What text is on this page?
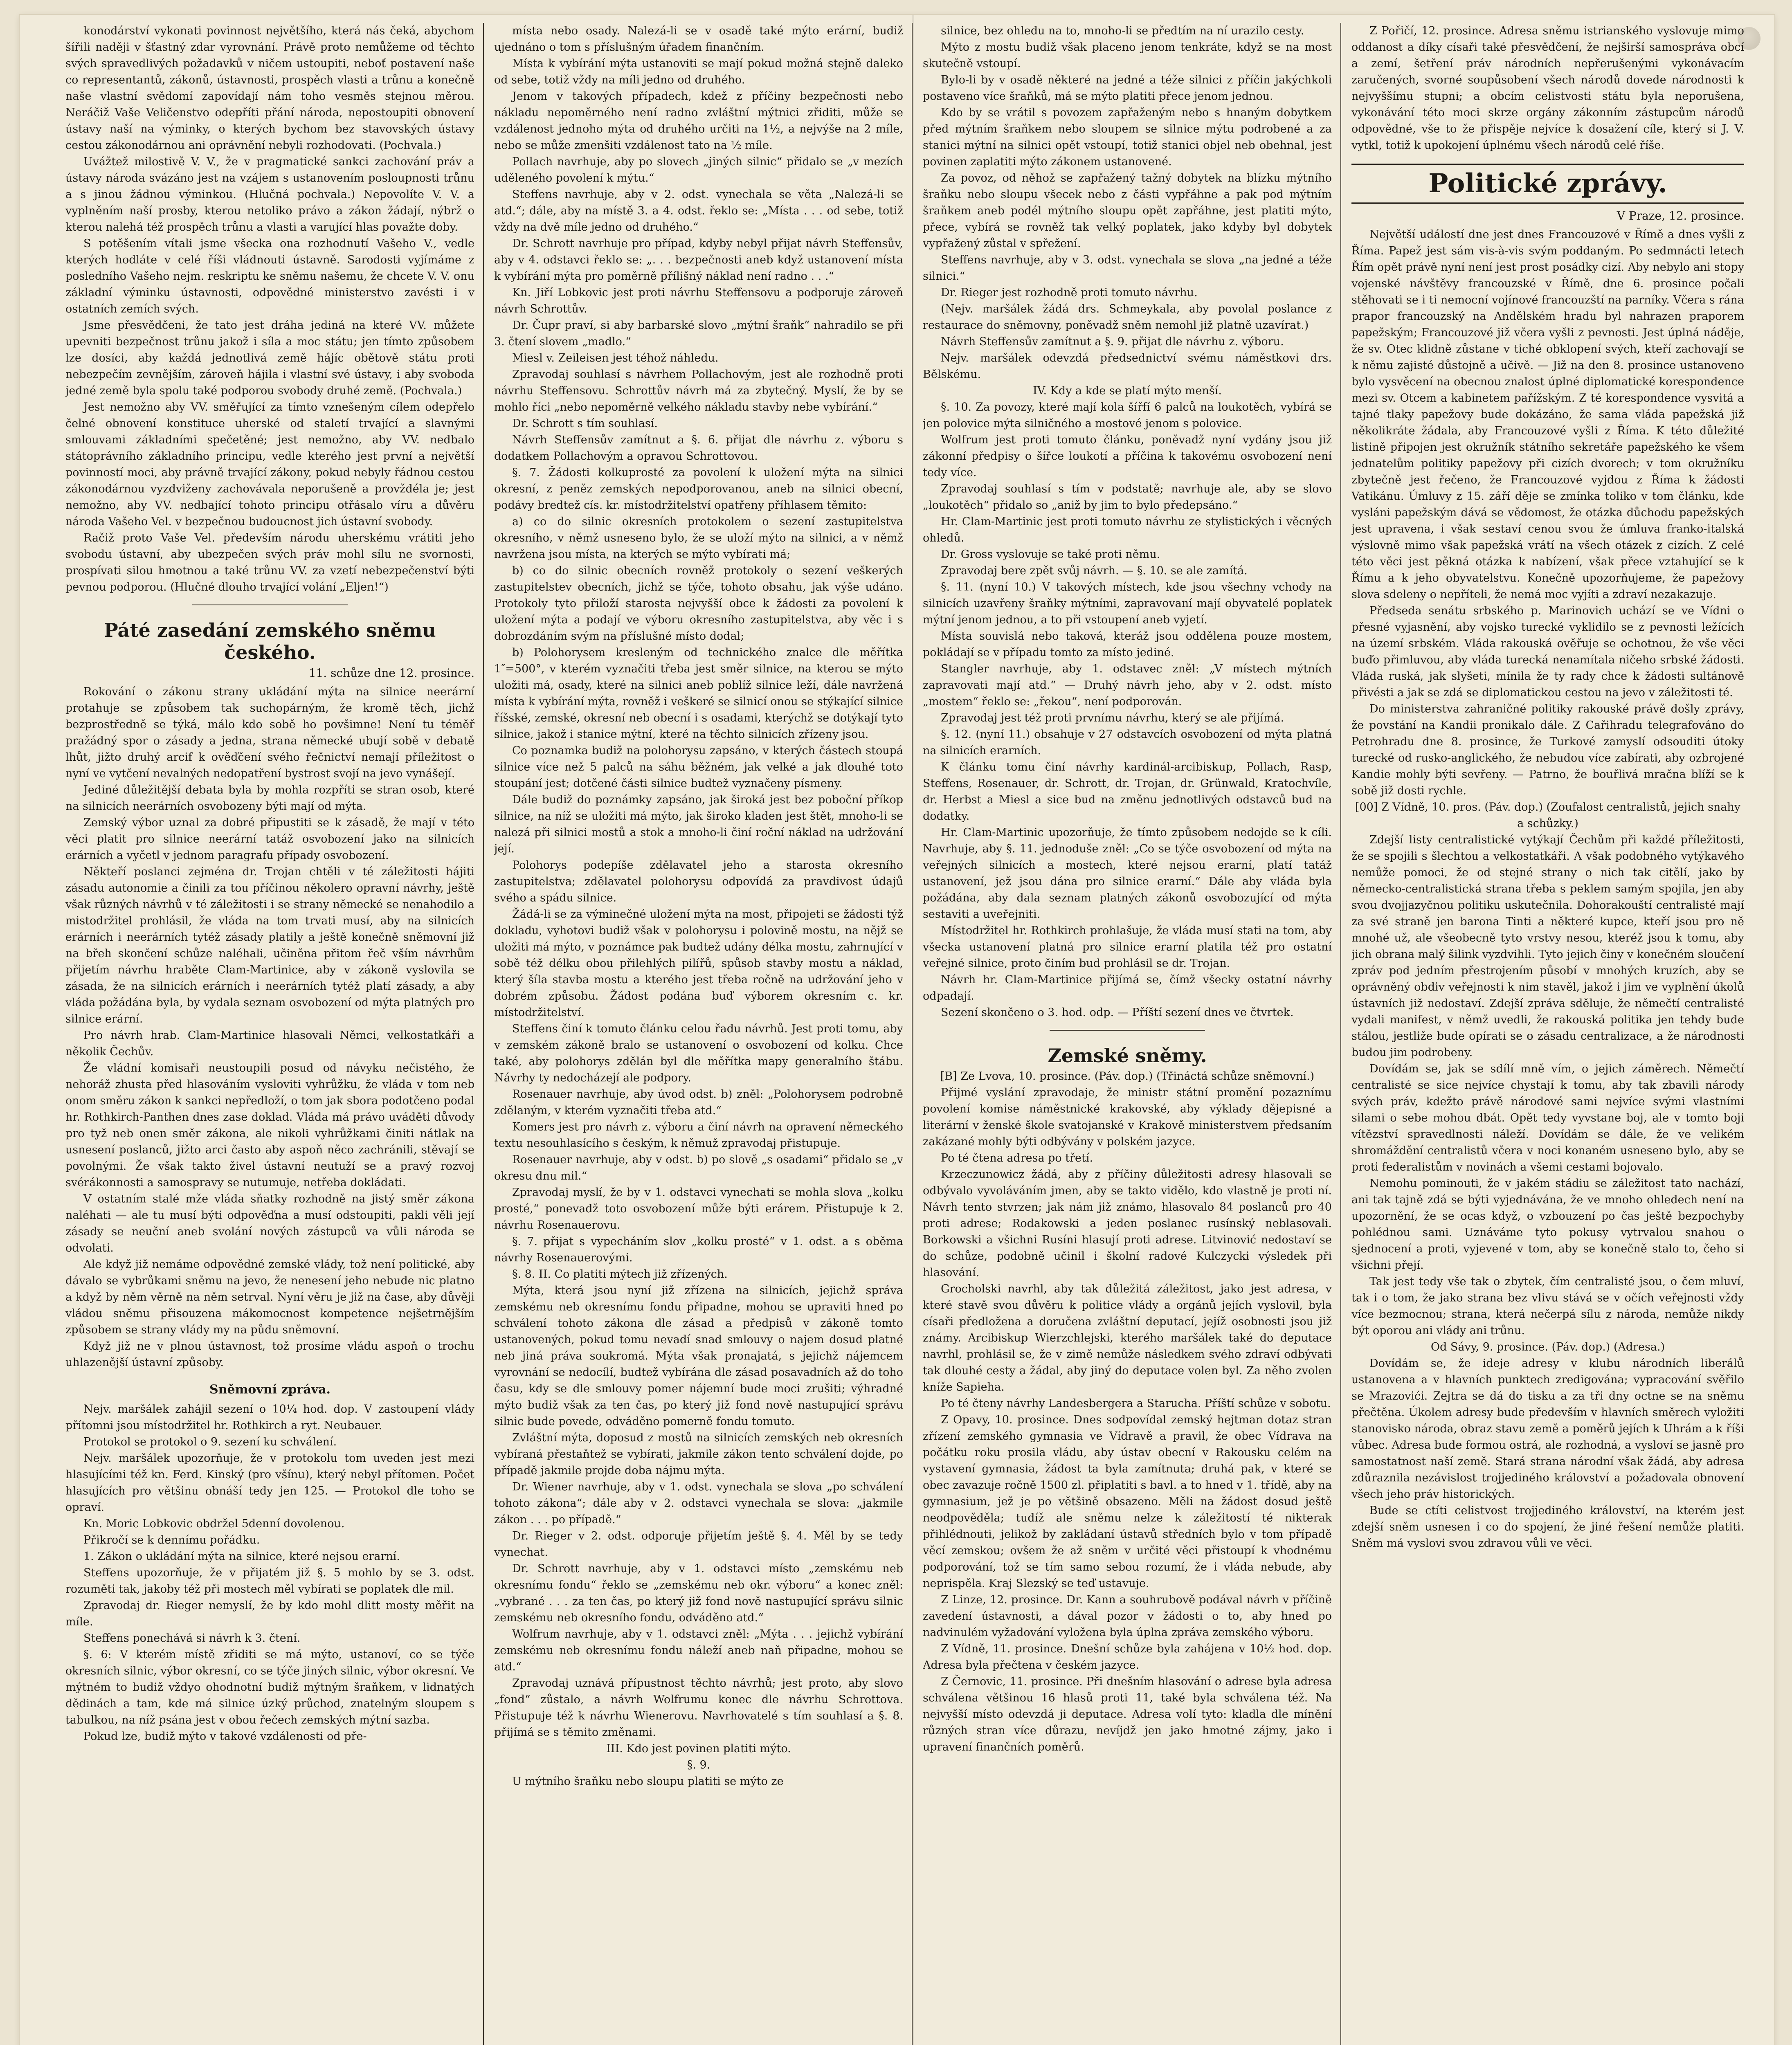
konodárství vykonati povinnost největšího, která nás čeká, abychom šířili naději v šťastný zdar vyrovnání. Právě proto nemůžeme od těchto svých spravedlivých požadavků v ničem ustoupiti, neboť postavení naše co representantů, zákonů, ústavnosti, prospěch vlasti a trůnu a konečně naše vlastní svědomí zapovídají nám toho vesměs stejnou měrou. Neráčiž Vaše Veličenstvo odepříti přání národa, nepostoupiti obnovení ústavy naší na výminky, o kterých bychom bez stavovských ústavy cestou zákonodárnou ani oprávnění nebyli rozhodovati. (Pochvala.)

Uvážtež milostivě V. V., že v pragmatické sankci zachování práv a ústavy národa svázáno jest na vzájem s ustanovením posloupnosti trůnu a s jinou žádnou výminkou. (Hlučná pochvala.) Nepovolíte V. V. a vyplněním naší prosby, kterou netoliko právo a zákon žádají, nýbrž o kterou nalehá též prospěch trůnu a vlasti a varující hlas považte doby.

S potěšením vítali jsme všecka ona rozhodnutí Vašeho V., vedle kterých hodláte v celé říši vládnouti ústavně. Sarodosti vyjímáme z posledního Vašeho nejm. reskriptu ke sněmu našemu, že chcete V. V. onu základní výminku ústavnosti, odpovědné ministerstvo zavésti i v ostatních zemích svých.

Jsme přesvědčeni, že tato jest dráha jediná na které VV. můžete upevniti bezpečnost trůnu jakož i síla a moc státu; jen tímto způsobem lze dosíci, aby každá jednotlivá země hájíc obětově státu proti nebezpečím zevnějším, zároveň hájila i vlastní své ústavy, i aby svoboda jedné země byla spolu také podporou svobody druhé země. (Pochvala.)

Jest nemožno aby VV. směřující za tímto vznešeným cílem odepřelo čelné obnovení konstituce uherské od staletí trvající a slavnými smlouvami základními spečetěné; jest nemožno, aby VV. nedbalo státoprávního základního principu, vedle kterého jest první a největší povinností moci, aby právně trvající zákony, pokud nebyly řádnou cestou zákonodárnou vyzdviženy zachovávala neporušeně a provždéla je; jest nemožno, aby VV. nedbající tohoto principu otřásalo víru a důvěru národa Vašeho Vel. v bezpečnou budoucnost jich ústavní svobody.

Račiž proto Vaše Vel. především národu uherskému vrátiti jeho svobodu ústavní, aby ubezpečen svých práv mohl sílu ne svornosti, prospívati silou hmotnou a také trůnu VV. za vzetí nebezpečenství býti pevnou podporou. (Hlučné dlouho trvající volání „Eljen!“)

Páté zasedání zemského sněmu českého.
11. schůze dne 12. prosince.

Rokování o zákonu strany ukládání mýta na silnice neerární protahuje se způsobem tak suchopárným, že kromě těch, jichž bezprostředně se týká, málo kdo sobě ho povšimne! Není tu téměř pražádný spor o zásady a jedna, strana německé ubují sobě v debatě lhůt, jižto druhý arcif k ověďčení svého řečnictví nemají příležitost o nyní ve vytčení nevalných nedopatření bystrost svojí na jevo vynášejí.

Jediné důležitější debata byla by mohla rozpříti se stran osob, které na silnicích neerárních osvobozeny býti mají od mýta.

Zemský výbor uznal za dobré připustiti se k zásadě, že mají v této věci platit pro silnice neerární tatáž osvobození jako na silnicích erárních a vyčetl v jednom paragrafu případy osvobození.

Někteří poslanci zejména dr. Trojan chtěli v té záležitosti hájiti zásadu autonomie a činili za tou příčinou několero opravní návrhy, ještě však různých návrhů v té záležitosti i se strany německé se nenahodilo a mistodržitel prohlásil, že vláda na tom trvati musí, aby na silnicích erárních i neerárních tytéž zásady platily a ještě konečně sněmovní již na břeh skončení schůze naléhali, učiněna přitom řeč vším návrhům přijetím návrhu hraběte Clam-Martinice, aby v zákoně vyslovila se zásada, že na silnicích erárních i neerárních tytéž platí zásady, a aby vláda požádána byla, by vydala seznam osvobození od mýta platných pro silnice erární.

Pro návrh hrab. Clam-Martinice hlasovali Němci, velkostatkáři a několik Čechův.

Že vládní komisaři neustoupili posud od návyku nečistého, že nehoráž zhusta před hlasováním vysloviti vyhrůžku, že vláda v tom neb onom směru zákon k sankci nepředloží, o tom jak sbora podotčeno podal hr. Rothkirch-Panthen dnes zase doklad. Vláda má právo uváděti důvody pro tyž neb onen směr zákona, ale nikoli vyhrůžkami činiti nátlak na usnesení poslanců, jižto arci často aby aspoň něco zachránili, stěvají se povolnými. Že však takto živel ústavní neutuží se a pravý rozvoj svérákonnosti a samospravy se nutumuje, netřeba dokládati.

V ostatním stalé mže vláda sňatky rozhodně na jistý směr zákona naléhati — ale tu musí býti odpověďna a musí odstoupiti, pakli věli její zásady se neuční aneb svolání nových zástupců va vůli národa se odvolati.

Ale když již nemáme odpovědné zemské vlády, tož není politické, aby dávalo se vybrůkami sněmu na jevo, že nenesení jeho nebude nic platno a když by něm věrně na něm setrval. Nyní věru je již na čase, aby důvěji vládou sněmu přisouzena mákomocnost kompetence nejšetrnějším způsobem se strany vlády my na půdu sněmovní.

Když již ne v plnou ústavnost, tož prosíme vládu aspoň o trochu uhlazenější ústavní způsoby.

Sněmovní zpráva.

Nejv. maršálek zahájil sezení o 10¼ hod. dop. V zastoupení vlády přítomni jsou místodržitel hr. Rothkirch a ryt. Neubauer.

Protokol se protokol o 9. sezení ku schválení.

Nejv. maršálek upozorňuje, že v protokolu tom uveden jest mezi hlasujícími též kn. Ferd. Kinský (pro všínu), který nebyl přítomen. Počet hlasujících pro většinu obnáší tedy jen 125. — Protokol dle toho se opraví.

Kn. Moric Lobkovic obdržel 5denní dovolenou.

Přikročí se k dennímu pořádku.

1. Zákon o ukládání mýta na silnice, které nejsou erarní.

Steffens upozorňuje, že v přijatém již §. 5 mohlo by se 3. odst. rozuměti tak, jakoby též při mostech měl vybírati se poplatek dle mil.

Zpravodaj dr. Rieger nemyslí, že by kdo mohl dlitt mosty měřit na míle.

Steffens ponechává si návrh k 3. čtení.

§. 6: V kterém místě zřiditi se má mýto, ustanoví, co se týče okresních silnic, výbor okresní, co se týče jiných silnic, výbor okresní. Ve mýtném to budiž vždyo ohodnotní budiž mýtným šraňkem, v lidnatých dědinách a tam, kde má silnice úzký průchod, znatelným sloupem s tabulkou, na níž psána jest v obou řečech zemských mýtní sazba.

Pokud lze, budiž mýto v takové vzdálenosti od pře-

místa nebo osady. Nalezá-li se v osadě také mýto erární, budiž ujednáno o tom s příslušným úřadem finančním.

Místa k vybírání mýta ustanoviti se mají pokud možná stejně daleko od sebe, totiž vždy na míli jedno od druhého.

Jenom v takových případech, kdež z příčiny bezpečnosti nebo nákladu nepoměrného není radno zvláštní mýtnici zřiditi, může se vzdálenost jednoho mýta od druhého určiti na 1½, a nejvýše na 2 míle, nebo se může zmenšiti vzdálenost tato na ½ míle.

Pollach navrhuje, aby po slovech „jiných silnic“ přidalo se „v mezích uděleného povolení k mýtu.“

Steffens navrhuje, aby v 2. odst. vynechala se věta „Nalezá-li se atd.“; dále, aby na místě 3. a 4. odst. řeklo se: „Místa . . . od sebe, totiž vždy na dvě míle jedno od druhého.“

Dr. Schrott navrhuje pro případ, kdyby nebyl přijat návrh Steffensův, aby v 4. odstavci řeklo se: „. . . bezpečnosti aneb když ustanovení místa k vybírání mýta pro poměrně přílišný náklad není radno . . .“

Kn. Jiří Lobkovic jest proti návrhu Steffensovu a podporuje zároveň návrh Schrottův.

Dr. Čupr praví, si aby barbarské slovo „mýtní šraňk“ nahradilo se při 3. čtení slovem „madlo.“

Miesl v. Zeileisen jest téhož náhledu.

Zpravodaj souhlasí s návrhem Pollachovým, jest ale rozhodně proti návrhu Steffensovu. Schrottův návrh má za zbytečný. Myslí, že by se mohlo říci „nebo nepoměrně velkého nákladu stavby nebe vybírání.“

Dr. Schrott s tím souhlasí.

Návrh Steffensův zamítnut a §. 6. přijat dle návrhu z. výboru s dodatkem Pollachovým a opravou Schrottovou.

§. 7. Žádosti kolkuprosté za povolení k uložení mýta na silnici okresní, z peněz zemských nepodporovanou, aneb na silnici obecní, podávy bredtež cís. kr. místodržitelství opatřeny příhlasem těmito:

a) co do silnic okresních protokolem o sezení zastupitelstva okresního, v němž usneseno bylo, že se uloží mýto na silnici, a v němž navržena jsou místa, na kterých se mýto vybírati má;

b) co do silnic obecních rovněž protokoly o sezení veškerých zastupitelstev obecních, jichž se týče, tohoto obsahu, jak výše udáno. Protokoly tyto přiloží starosta nejvyšší obce k žádosti za povolení k uložení mýta a podají ve výboru okresního zastupitelstva, aby věc i s dobrozdáním svým na příslušné místo dodal;

b) Polohorysem kresleným od technického znalce dle měřítka 1″=500°, v kterém vyznačiti třeba jest směr silnice, na kterou se mýto uložiti má, osady, které na silnici aneb poblíž silnice leží, dále navržená místa k vybírání mýta, rovněž i veškeré se silnicí onou se stýkající silnice říšské, zemské, okresní neb obecní i s osadami, kterýchž se dotýkají tyto silnice, jakož i stanice mýtní, které na těchto silnicích zřízeny jsou.

Co poznamka budiž na polohorysu zapsáno, v kterých částech stoupá silnice více než 5 palců na sáhu běžném, jak velké a jak dlouhé toto stoupání jest; dotčené části silnice budtež vyznačeny písmeny.

Dále budiž do poznámky zapsáno, jak široká jest bez poboční příkop silnice, na níž se uložiti má mýto, jak široko kladen jest štět, mnoho-li se nalezá při silnici mostů a stok a mnoho-li činí roční náklad na udržování její.

Polohorys podepíše zdělavatel jeho a starosta okresního zastupitelstva; zdělavatel polohorysu odpovídá za pravdivost údajů svého a spádu silnice.

Žádá-li se za výminečné uložení mýta na most, připojeti se žádosti týž dokladu, vyhotovi budiž však v polohorysu i polovině mostu, na nějž se uložiti má mýto, v poznámce pak budtež udány délka mostu, zahrnující v sobě též délku obou přilehlých pilířů, spůsob stavby mostu a náklad, který šíla stavba mostu a kterého jest třeba ročně na udržování jeho v dobrém způsobu. Žádost podána buď výborem okresním c. kr. místodržitelství.

Steffens činí k tomuto článku celou řadu návrhů. Jest proti tomu, aby v zemském zákoně bralo se ustanovení o osvobození od kolku. Chce také, aby polohorys zdělán byl dle měřítka mapy generalního štábu. Návrhy ty nedocházejí ale podpory.

Rosenauer navrhuje, aby úvod odst. b) zněl: „Polohorysem podrobně zdělaným, v kterém vyznačiti třeba atd.“

Komers jest pro návrh z. výboru a činí návrh na opravení německého textu nesouhlasícího s českým, k němuž zpravodaj přistupuje.

Rosenauer navrhuje, aby v odst. b) po slově „s osadami“ přidalo se „v okresu dnu mil.“

Zpravodaj myslí, že by v 1. odstavci vynechati se mohla slova „kolku prosté,“ ponevadž toto osvobození může býti erárem. Přistupuje k 2. návrhu Rosenauerovu.

§. 7. přijat s vypecháním slov „kolku prosté“ v 1. odst. a s oběma návrhy Rosenauerovými.

§. 8. II. Co platiti mýtech již zřízených.

Mýta, která jsou nyní již zřízena na silnicích, jejichž správa zemskému neb okresnímu fondu připadne, mohou se upraviti hned po schválení tohoto zákona dle zásad a předpisů v zákoně tomto ustanovených, pokud tomu nevadí snad smlouvy o najem dosud platné neb jiná práva soukromá. Mýta však pronajatá, s jejichž nájemcem vyrovnání se nedocílí, budtež vybírána dle zásad posavadních až do toho času, kdy se dle smlouvy pomer nájemní bude moci zrušiti; výhradné mýto budiž však za ten čas, po který již fond nově nastupující správu silnic bude povede, odváděno pomerně fondu tomuto.

Zvláštní mýta, doposud z mostů na silnicích zemských neb okresních vybíraná přestaňtež se vybírati, jakmile zákon tento schválení dojde, po případě jakmile projde doba nájmu mýta.

Dr. Wiener navrhuje, aby v 1. odst. vynechala se slova „po schválení tohoto zákona“; dále aby v 2. odstavci vynechala se slova: „jakmile zákon . . . po případě.“

Dr. Rieger v 2. odst. odporuje přijetím ještě §. 4. Měl by se tedy vynechat.

Dr. Schrott navrhuje, aby v 1. odstavci místo „zemskému neb okresnímu fondu“ řeklo se „zemskému neb okr. výboru“ a konec zněl: „vybrané . . . za ten čas, po který již fond nově nastupující správu silnic zemskému neb okresního fondu, odváděno atd.“

Wolfrum navrhuje, aby v 1. odstavci zněl: „Mýta . . . jejichž vybírání zemskému neb okresnímu fondu náleží aneb naň připadne, mohou se atd.“

Zpravodaj uznává přípustnost těchto návrhů; jest proto, aby slovo „fond“ zůstalo, a návrh Wolfrumu konec dle návrhu Schrottova. Přistupuje též k návrhu Wienerovu. Navrhovatelé s tím souhlasí a §. 8. přijímá se s těmito změnami.

III. Kdo jest povinen platiti mýto.

§. 9.

U mýtního šraňku nebo sloupu platiti se mýto ze

silnice, bez ohledu na to, mnoho-li se předtím na ní urazilo cesty.

Mýto z mostu budiž však placeno jenom tenkráte, když se na most skutečně vstoupí.

Bylo-li by v osadě některé na jedné a téže silnici z příčin jakýchkoli postaveno více šraňků, má se mýto platiti přece jenom jednou.

Kdo by se vrátil s povozem zapřaženým nebo s hnaným dobytkem před mýtním šraňkem nebo sloupem se silnice mýtu podrobené a za stanici mýtní na silnici opět vstoupí, totiž stanici objel neb obehnal, jest povinen zaplatiti mýto zákonem ustanovené.

Za povoz, od něhož se zapřažený tažný dobytek na blízku mýtního šraňku nebo sloupu všecek nebo z části vypřáhne a pak pod mýtním šraňkem aneb podél mýtního sloupu opět zapřáhne, jest platiti mýto, přece, vybírá se rovněž tak velký poplatek, jako kdyby byl dobytek vypřažený zůstal v spřežení.

Steffens navrhuje, aby v 3. odst. vynechala se slova „na jedné a téže silnici.“

Dr. Rieger jest rozhodně proti tomuto návrhu.

(Nejv. maršálek žádá drs. Schmeykala, aby povolal poslance z restaurace do sněmovny, poněvadž sněm nemohl již platně uzavírat.)

Návrh Steffensův zamítnut a §. 9. přijat dle návrhu z. výboru.

Nejv. maršálek odevzdá předsednictví svému náměstkovi drs. Bělskému.

IV. Kdy a kde se platí mýto menší.

§. 10. Za povozy, které mají kola šířfí 6 palců na loukotěch, vybírá se jen polovice mýta silničného a mostové jenom s polovice.

Wolfrum jest proti tomuto článku, poněvadž nyní vydány jsou již zákonní předpisy o šířce loukotí a příčina k takovému osvobození není tedy více.

Zpravodaj souhlasí s tím v podstatě; navrhuje ale, aby se slovo „loukotěch“ přidalo so „aniž by jim to bylo předepsáno.“

Hr. Clam-Martinic jest proti tomuto návrhu ze stylistických i věcných ohledů.

Dr. Gross vyslovuje se také proti němu.

Zpravodaj bere zpět svůj návrh. — §. 10. se ale zamítá.

§. 11. (nyní 10.) V takových místech, kde jsou všechny vchody na silnicích uzavřeny šraňky mýtními, zapravovaní mají obyvatelé poplatek mýtní jenom jednou, a to při vstoupení aneb vyjetí.

Místa souvislá nebo taková, kteráž jsou oddělena pouze mostem, pokládají se v případu tomto za místo jediné.

Stangler navrhuje, aby 1. odstavec zněl: „V místech mýtních zapravovati mají atd.“ — Druhý návrh jeho, aby v 2. odst. místo „mostem“ řeklo se: „řekou“, není podporován.

Zpravodaj jest též proti prvnímu návrhu, který se ale přijímá.

§. 12. (nyní 11.) obsahuje v 27 odstavcích osvobození od mýta platná na silnicích erarních.

K článku tomu činí návrhy kardinál-arcibiskup, Pollach, Rasp, Steffens, Rosenauer, dr. Schrott, dr. Trojan, dr. Grünwald, Kratochvíle, dr. Herbst a Miesl a sice bud na změnu jednotlivých odstavců bud na dodatky.

Hr. Clam-Martinic upozorňuje, že tímto způsobem nedojde se k cíli. Navrhuje, aby §. 11. jednoduše zněl: „Co se týče osvobození od mýta na veřejných silnicích a mostech, které nejsou erarní, platí tatáž ustanovení, jež jsou dána pro silnice erarní.“ Dále aby vláda byla požádána, aby dala seznam platných zákonů osvobozující od mýta sestaviti a uveřejniti.

Místodržitel hr. Rothkirch prohlašuje, že vláda musí stati na tom, aby všecka ustanovení platná pro silnice erarní platila též pro ostatní veřejné silnice, proto činím bud prohlásil se dr. Trojan.

Návrh hr. Clam-Martinice přijímá se, čímž všecky ostatní návrhy odpadají.

Sezení skončeno o 3. hod. odp. — Příští sezení dnes ve čtvrtek.

Zemské sněmy.

[B] Ze Lvova, 10. prosince. (Páv. dop.) (Třináctá schůze sněmovní.)

Přijmé vyslání zpravodaje, že ministr státní promění pozaznímu povolení komise náměstnické krakovské, aby výklady dějepisné a literární v ženské škole svatojanské v Krakově ministerstvem předsaním zakázané mohly býti odbývány v polském jazyce.

Po té čtena adresa po třetí.

Krzeczunowicz žádá, aby z příčiny důležitosti adresy hlasovali se odbývalo vyvoláváním jmen, aby se takto vidělo, kdo vlastně je proti ní. Návrh tento stvrzen; jak nám již známo, hlasovalo 84 poslanců pro 40 proti adrese; Rodakowski a jeden poslanec rusínský neblasovali. Borkowski a všichni Rusíni hlasují proti adrese. Litvinović nedostaví se do schůze, podobně učinil i školní radové Kulczycki výsledek při hlasování.

Grocholski navrhl, aby tak důležitá záležitost, jako jest adresa, v které stavě svou důvěru k politice vlády a orgánů jejích vyslovil, byla císaři předložena a doručena zvláštní deputací, jejíž osobnosti jsou již známy. Arcibiskup Wierzchlejski, kterého maršálek také do deputace navrhl, prohlásil se, že v zimě nemůže následkem svého zdraví odbývati tak dlouhé cesty a žádal, aby jiný do deputace volen byl. Za něho zvolen kníže Sapieha.

Po té čteny návrhy Landesbergera a Starucha. Příští schůze v sobotu.

Z Opavy, 10. prosince. Dnes sodpovídal zemský hejtman dotaz stran zřízení zemského gymnasia ve Vídravě a pravil, že obec Vídrava na počátku roku prosila vládu, aby ústav obecní v Rakousku celém na vystavení gymnasia, žádost ta byla zamítnuta; druhá pak, v které se obec zavazuje ročně 1500 zl. připlatiti s bavl. a to hned v 1. třídě, aby na gymnasium, jež je po většině obsazeno. Měli na žádost dosud ještě neodpověděla; tudíž ale sněmu nelze k záležitostí té nikterak přihlédnouti, jelikož by zakládaní ústavů středních bylo v tom případě věcí zemskou; ovšem že až sněm v určité věci přistoupí k vhodnému podporování, tož se tím samo sebou rozumí, že i vláda nebude, aby neprispěla. Kraj Slezský se teď ustavuje.

Z Linze, 12. prosince. Dr. Kann a souhrubově podával návrh v příčině zavedení ústavnosti, a dával pozor v žádosti o to, aby hned po nadvinulém vyžadování vyložena byla úplna zpráva zemského výboru.

Z Vídně, 11. prosince. Dnešní schůze byla zahájena v 10½ hod. dop. Adresa byla přečtena v českém jazyce.

Z Černovic, 11. prosince. Při dnešním hlasování o adrese byla adresa schválena většinou 16 hlasů proti 11, také byla schválena též. Na nejvyšší místo odevzdá ji deputace. Adresa volí tyto: kladla dle mínění různých stran více důrazu, nevíjdž jen jako hmotné zájmy, jako i upravení finančních poměrů.

Z Pořičí, 12. prosince. Adresa sněmu istrianského vyslovuje mimo oddanost a díky císaři také přesvědčení, že nejširší samospráva obcí a zemí, šetření práv národních nepřerušenými vykonávacím zaručených, svorné soupůsobení všech národů dovede národnosti k nejvyššímu stupni; a obcím celistvosti státu byla neporušena, vykonávání této moci skrze orgány zákonním zástupcům národů odpovědné, vše to že přispěje nejvíce k dosažení cíle, který si J. V. vytkl, totiž k upokojení úplnému všech národů celé říše.

Politické zprávy.
V Praze, 12. prosince.

Největší událostí dne jest dnes Francouzové v Římě a dnes vyšli z Říma. Papež jest sám vis-à-vis svým poddaným. Po sedmnácti letech Řím opět právě nyní není jest prost posádky cizí. Aby nebylo ani stopy vojenské návštěvy francouzské v Římě, dne 6. prosince počali stěhovati se i ti nemocní vojínové francouzští na parníky. Včera s rána prapor francouzský na Andělském hradu byl nahrazen praporem papežským; Francouzové již včera vyšli z pevnosti. Jest úplná náděje, že sv. Otec klidně zůstane v tiché obklopení svých, kteří zachovají se k němu zajisté důstojně a učivě. — Již na den 8. prosince ustanoveno bylo vysvěcení na obecnou znalost úplné diplomatické korespondence mezi sv. Otcem a kabinetem pařížským. Z té korespondence vysvitá a tajné tlaky papežovy bude dokázáno, že sama vláda papežská již několikráte žádala, aby Francouzové vyšli z Říma. K této důležité listině připojen jest okružník státního sekretáře papežského ke všem jednatelům politiky papežovy při cizích dvorech; v tom okružníku zbytečně jest řečeno, že Francouzové vyjdou z Říma k žádosti Vatikánu. Úmluvy z 15. září děje se zmínka toliko v tom článku, kde vysláni papežským dává se vědomost, že otázka důchodu papežských jest upravena, i však sestaví cenou svou že úmluva franko-italská výslovně mimo však papežská vrátí na všech otázek z cizích. Z celé této věci jest pěkná otázka k nabízení, však přece vztahující se k Římu a k jeho obyvatelstvu. Konečně upozorňujeme, že papežovy slova sdeleny o nepříteli, že nemá moc vyjíti a zdraví nezakazuje.

Předseda senátu srbského p. Marinovich uchází se ve Vídni o přesné vyjasnění, aby vojsko turecké vyklidilo se z pevnosti ležících na území srbském. Vláda rakouská ověřuje se ochotnou, že vše věci buďo přimluvou, aby vláda turecká nenamítala ničeho srbské žádosti. Vláda ruská, jak slyšeti, mínila že ty rady chce k žádosti sultánově přivésti a jak se zdá se diplomatickou cestou na jevo v záležitosti té.

Do ministerstva zahraničné politiky rakouské právě došly zprávy, že povstání na Kandii pronikalo dále. Z Cařihradu telegrafováno do Petrohradu dne 8. prosince, že Turkové zamyslí odsouditi útoky turecké od rusko-anglického, že nebudou více zabírati, aby ozbrojené Kandie mohly býti sevřeny. — Patrno, že bouřlivá mračna blíží se k sobě již dosti rychle.

[00] Z Vídně, 10. pros. (Páv. dop.) (Zoufalost centralistů, jejich snahy a schůzky.)

Zdejší listy centralistické vytýkají Čechům při každé příležitosti, že se spojili s šlechtou a velkostatkáři. A však podobného vytýkavého nemůže pomoci, že od stejné strany o nich tak citělí, jako by německo-centralistická strana třeba s peklem samým spojila, jen aby svou dvojjazyčnou politiku uskutečnila. Dohorakouští centralisté mají za své straně jen barona Tinti a některé kupce, kteří jsou pro ně mnohé už, ale všeobecně tyto vrstvy nesou, kteréž jsou k tomu, aby jich obrana malý šilink vyzdvihli. Tyto jejich činy v konečném sloučení zpráv pod jedním přestrojením působí v mnohých kruzích, aby se oprávněný obdiv veřejnosti k nim stavěl, jakož i jim ve vyplnění úkolů ústavních již nedostaví. Zdejší zpráva sděluje, že němečtí centralisté vydali manifest, v němž uvedli, že rakouská politika jen tehdy bude stálou, jestliže bude opírati se o zásadu centralizace, a že národnosti budou jim podrobeny.

Dovídám se, jak se sdílí mně vím, o jejich záměrech. Němečtí centralisté se sice nejvíce chystají k tomu, aby tak zbavili národy svých práv, kdežto právě národové sami nejvíce svými vlastními silami o sebe mohou dbát. Opět tedy vyvstane boj, ale v tomto boji vítězství spravedlnosti náleží. Dovídám se dále, že ve velikém shromáždění centralistů včera v noci konaném usneseno bylo, aby se proti federalistům v novinách a všemi cestami bojovalo.

Nemohu pominouti, že v jakém stádiu se záležitost tato nachází, ani tak tajně zdá se býti vyjednávána, že ve mnoho ohledech není na upozornění, že se ocas když, o vzbouzení po čas ještě bezpochyby pohlédnou sami. Uznáváme tyto pokusy vytrvalou snahou o sjednocení a proti, vyjevené v tom, aby se konečně stalo to, čeho si všichni přejí.

Tak jest tedy vše tak o zbytek, čím centralisté jsou, o čem mluví, tak i o tom, že jako strana bez vlivu stává se v očích veřejnosti vždy více bezmocnou; strana, která nečerpá sílu z národa, nemůže nikdy být oporou ani vlády ani trůnu.

Od Sávy, 9. prosince. (Páv. dop.) (Adresa.)

Dovídám se, že ideje adresy v klubu národních liberálů ustanovena a v hlavních punktech zredigována; vypracování svěřilo se Mrazovići. Zejtra se dá do tisku a za tři dny octne se na sněmu přečtěna. Úkolem adresy bude především v hlavních směrech vyložiti stanovisko národa, obraz stavu země a poměrů jejích k Uhrám a k říši vůbec. Adresa bude formou ostrá, ale rozhodná, a vysloví se jasně pro samostatnost naší země. Stará strana národní však žádá, aby adresa zdůraznila nezávislost trojjediného království a požadovala obnovení všech jeho práv historických.

Bude se ctíti celistvost trojjediného království, na kterém jest zdejší sněm usnesen i co do spojení, že jiné řešení nemůže platiti. Sněm má vyslovi svou zdravou vůli ve věci.
